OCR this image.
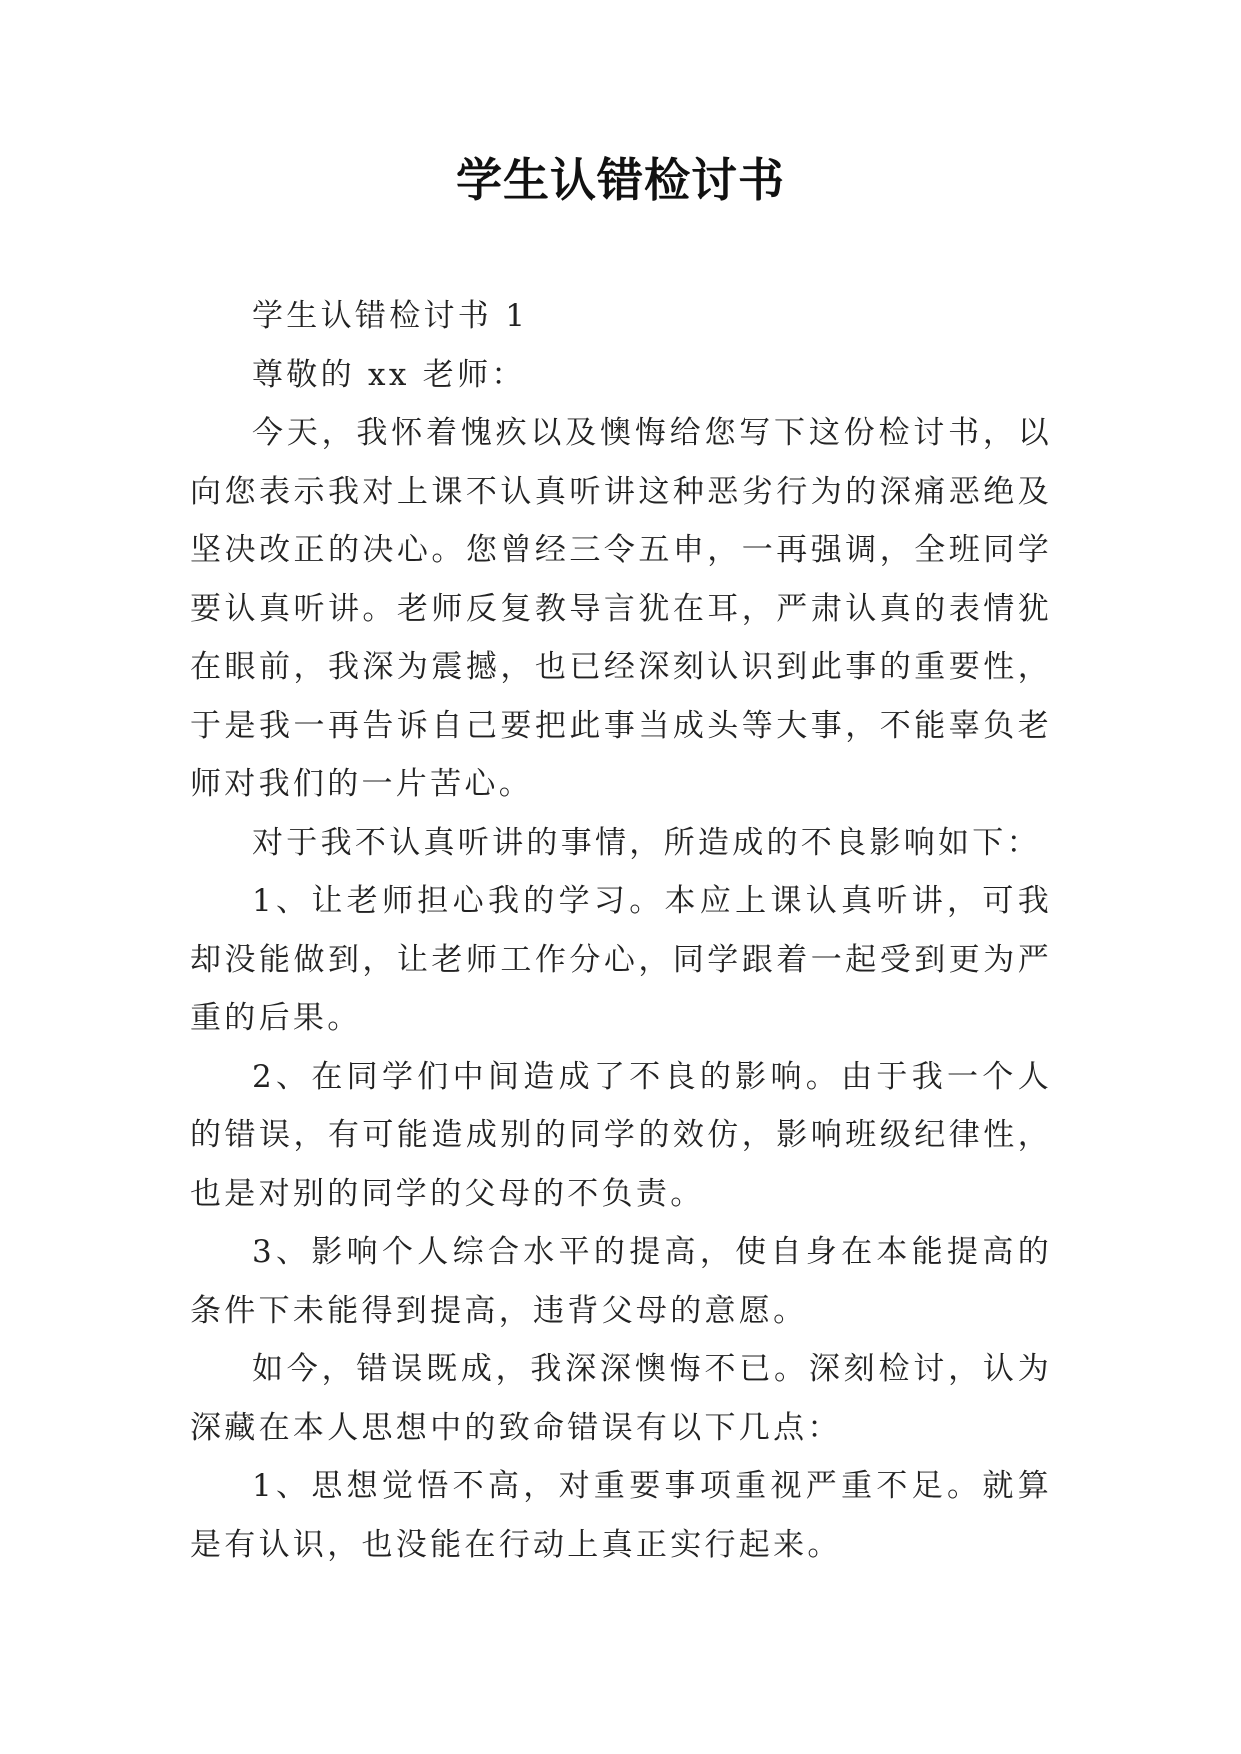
学生认错检讨书

学生认错检讨书 1

尊敬的 xx 老师：

今天，我怀着愧疚以及懊悔给您写下这份检讨书，以向您表示我对上课不认真听讲这种恶劣行为的深痛恶绝及坚决改正的决心。您曾经三令五申，一再强调，全班同学要认真听讲。老师反复教导言犹在耳，严肃认真的表情犹在眼前，我深为震撼，也已经深刻认识到此事的重要性，于是我一再告诉自己要把此事当成头等大事，不能辜负老师对我们的一片苦心。

对于我不认真听讲的事情，所造成的不良影响如下：

1、让老师担心我的学习。本应上课认真听讲，可我却没能做到，让老师工作分心，同学跟着一起受到更为严重的后果。

2、在同学们中间造成了不良的影响。由于我一个人的错误，有可能造成别的同学的效仿，影响班级纪律性，也是对别的同学的父母的不负责。

3、影响个人综合水平的提高，使自身在本能提高的条件下未能得到提高，违背父母的意愿。

如今，错误既成，我深深懊悔不已。深刻检讨，认为深藏在本人思想中的致命错误有以下几点：

1、思想觉悟不高，对重要事项重视严重不足。就算是有认识，也没能在行动上真正实行起来。
